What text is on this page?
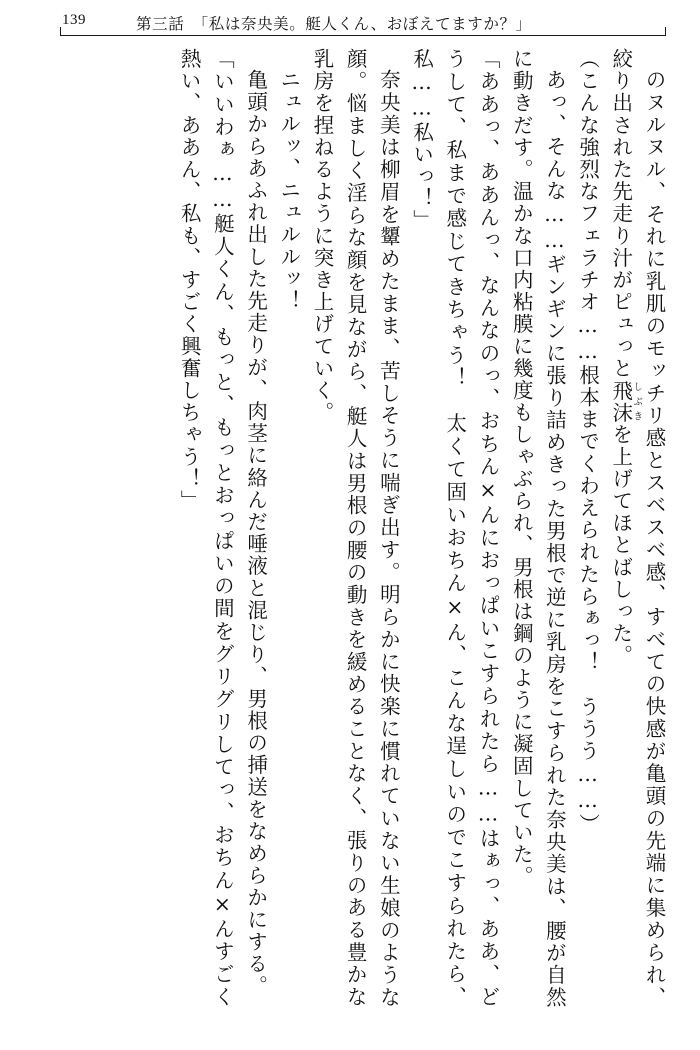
139	第三話　「私は奈央美。艇人くん、おぼえてますか？」

のヌルヌル、それに乳肌のモッチリ感とスベスベ感、すべての快感が亀頭の先端に集められ、絞り出された先走り汁がピュっと飛沫しぶきを上げてほとばしった。

（こんな強烈なフェラチオ……根本までくわえられたらぁっ！　ううう……）

あっ、そんな……ギンギンに張り詰めきった男根で逆に乳房をこすられた奈央美は、腰が自然に動きだす。温かな口内粘膜に幾度もしゃぶられ、男根は鋼のように凝固していた。

「ああっ、ああんっ、なんなのっ、おちん×んにおっぱいこすられたら……はぁっ、ああ、どうして、私まで感じてきちゃう！　太くて固いおちん×ん、こんな逞しいのでこすられたら、私……私いっ！」

奈央美は柳眉を顰めたまま、苦しそうに喘ぎ出す。明らかに快楽に慣れていない生娘のような顔。悩ましく淫らな顔を見ながら、艇人は男根の腰の動きを緩めることなく、張りのある豊かな乳房を捏ねるように突き上げていく。

ニュルッ、ニュルルッ！

亀頭からあふれ出した先走りが、肉茎に絡んだ唾液と混じり、男根の挿送をなめらかにする。

「いいわぁ……艇人くん、もっと、もっとおっぱいの間をグリグリしてっ、おちん×んすごく熱い、ああん、私も、すごく興奮しちゃう！」
